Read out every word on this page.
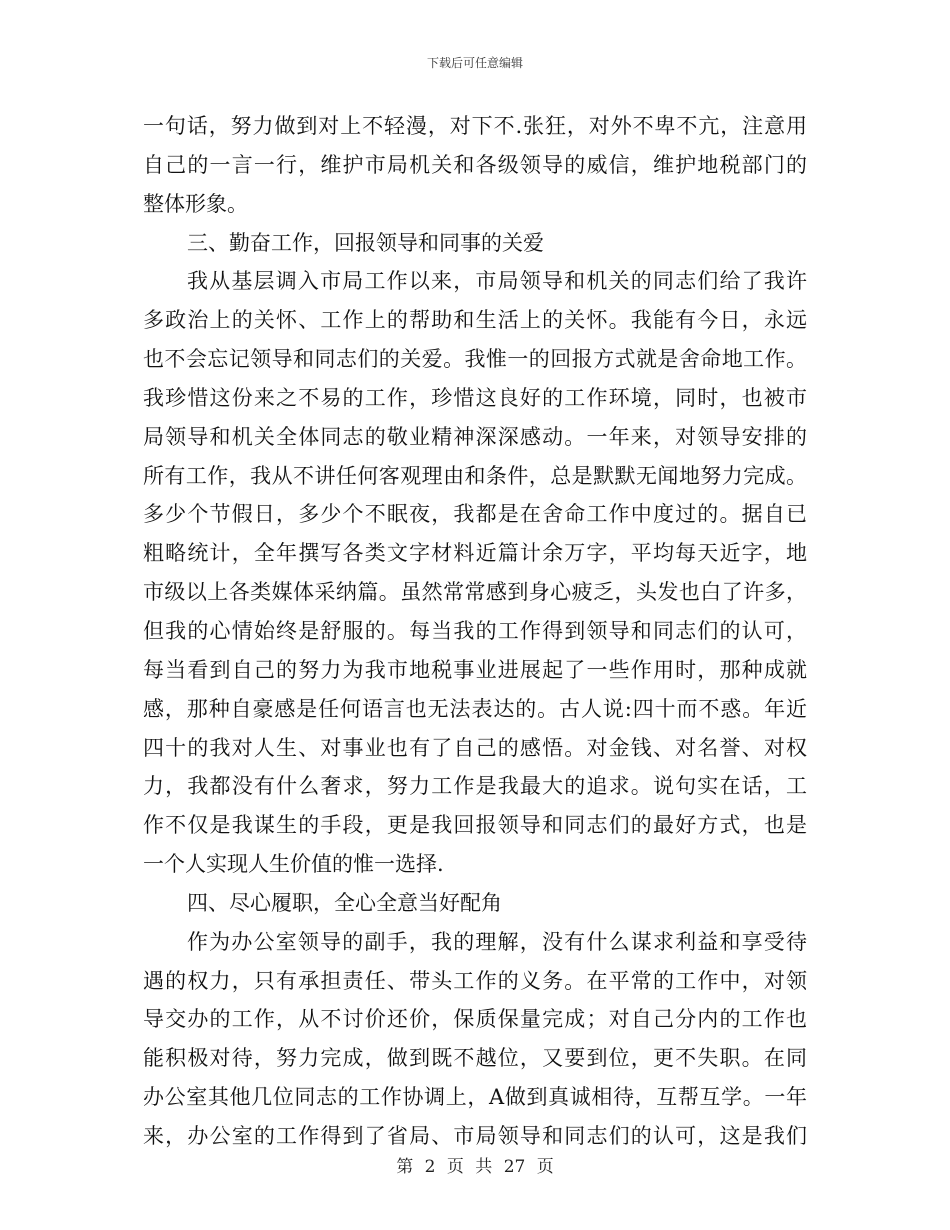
下载后可任意编辑
一句话，努力做到对上不轻漫，对下不.张狂，对外不卑不亢，注意用
自己的一言一行，维护市局机关和各级领导的威信，维护地税部门的
整体形象。
三、勤奋工作，回报领导和同事的关爱
我从基层调入市局工作以来，市局领导和机关的同志们给了我许
多政治上的关怀、工作上的帮助和生活上的关怀。我能有今日，永远
也不会忘记领导和同志们的关爱。我惟一的回报方式就是舍命地工作。
我珍惜这份来之不易的工作，珍惜这良好的工作环境，同时，也被市
局领导和机关全体同志的敬业精神深深感动。一年来，对领导安排的
所有工作，我从不讲任何客观理由和条件，总是默默无闻地努力完成。
多少个节假日，多少个不眠夜，我都是在舍命工作中度过的。据自已
粗略统计，全年撰写各类文字材料近篇计余万字，平均每天近字，地
市级以上各类媒体采纳篇。虽然常常感到身心疲乏，头发也白了许多，
但我的心情始终是舒服的。每当我的工作得到领导和同志们的认可，
每当看到自己的努力为我市地税事业进展起了一些作用时，那种成就
感，那种自豪感是任何语言也无法表达的。古人说:四十而不惑。年近
四十的我对人生、对事业也有了自己的感悟。对金钱、对名誉、对权
力，我都没有什么奢求，努力工作是我最大的追求。说句实在话，工
作不仅是我谋生的手段，更是我回报领导和同志们的最好方式，也是
一个人实现人生价值的惟一选择.
四、尽心履职，全心全意当好配角
作为办公室领导的副手，我的理解，没有什么谋求利益和享受待
遇的权力，只有承担责任、带头工作的义务。在平常的工作中，对领
导交办的工作，从不讨价还价，保质保量完成；对自己分内的工作也
能积极对待，努力完成，做到既不越位，又要到位，更不失职。在同
办公室其他几位同志的工作协调上，A做到真诚相待，互帮互学。一年
来，办公室的工作得到了省局、市局领导和同志们的认可，这是我们
第 2 页 共 27 页
